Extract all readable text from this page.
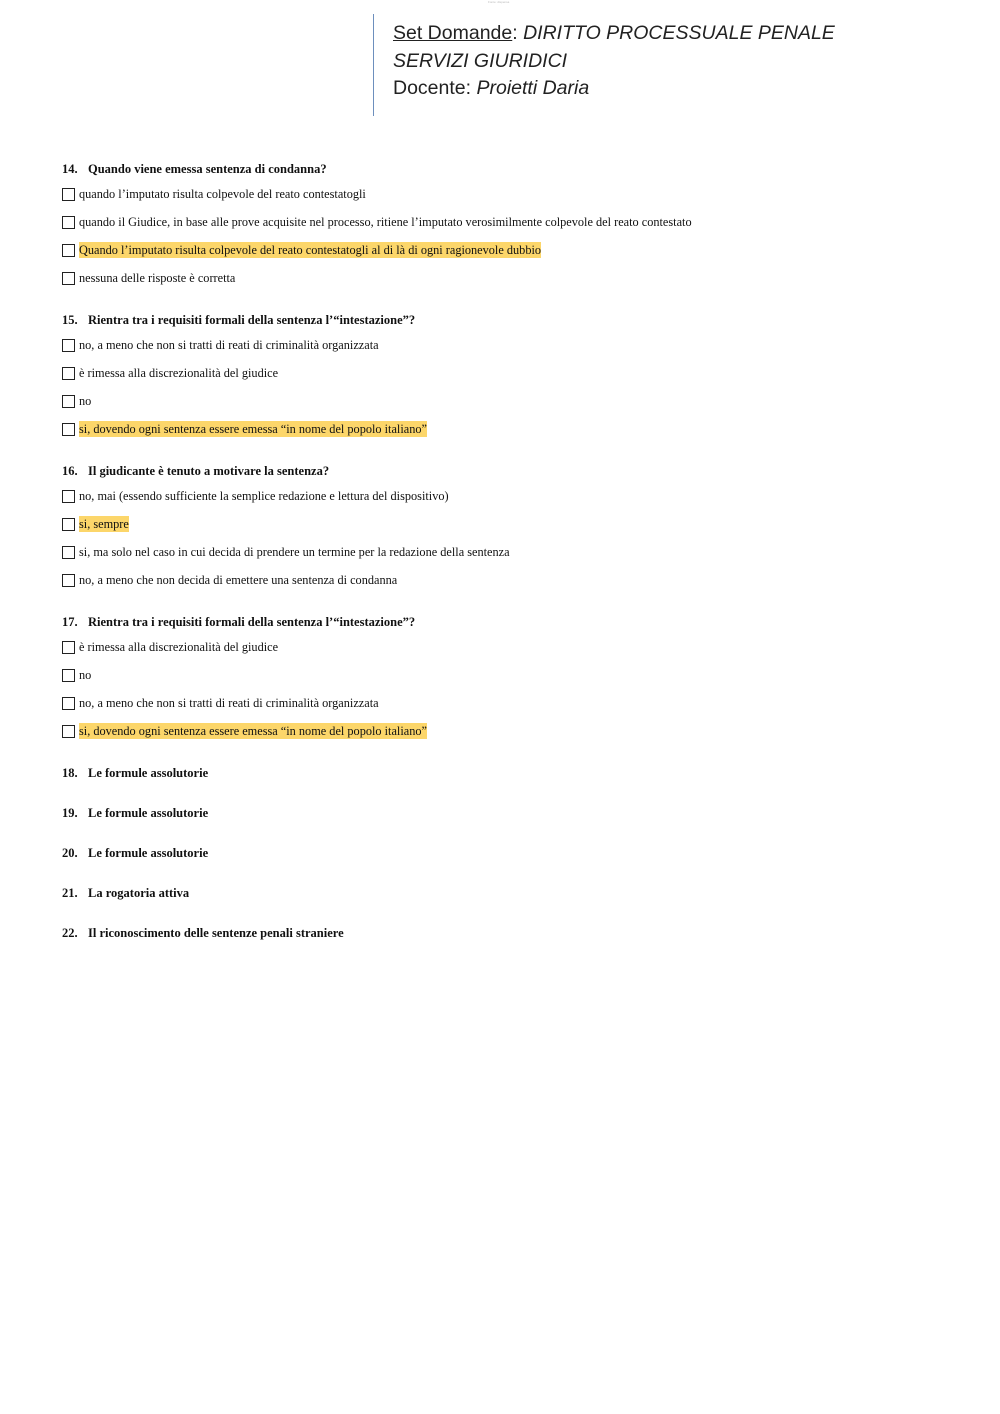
Fonte: dispensa
Set Domande: DIRITTO PROCESSUALE PENALE
SERVIZI GIURIDICI
Docente: Proietti Daria
14. Quando viene emessa sentenza di condanna?
quando l’imputato risulta colpevole del reato contestatogli
quando il Giudice, in base alle prove acquisite nel processo, ritiene l’imputato verosimilmente colpevole del reato contestato
Quando l’imputato risulta colpevole del reato contestatogli al di là di ogni ragionevole dubbio
nessuna delle risposte è corretta
15. Rientra tra i requisiti formali della sentenza l’“intestazione”?
no, a meno che non si tratti di reati di criminalità organizzata
è rimessa alla discrezionalità del giudice
no
si, dovendo ogni sentenza essere emessa “in nome del popolo italiano”
16. Il giudicante è tenuto a motivare la sentenza?
no, mai (essendo sufficiente la semplice redazione e lettura del dispositivo)
si, sempre
si, ma solo nel caso in cui decida di prendere un termine per la redazione della sentenza
no, a meno che non decida di emettere una sentenza di condanna
17. Rientra tra i requisiti formali della sentenza l’“intestazione”?
è rimessa alla discrezionalità del giudice
no
no, a meno che non si tratti di reati di criminalità organizzata
si, dovendo ogni sentenza essere emessa “in nome del popolo italiano”
18. Le formule assolutorie
19. Le formule assolutorie
20. Le formule assolutorie
21. La rogatoria attiva
22. Il riconoscimento delle sentenze penali straniere
